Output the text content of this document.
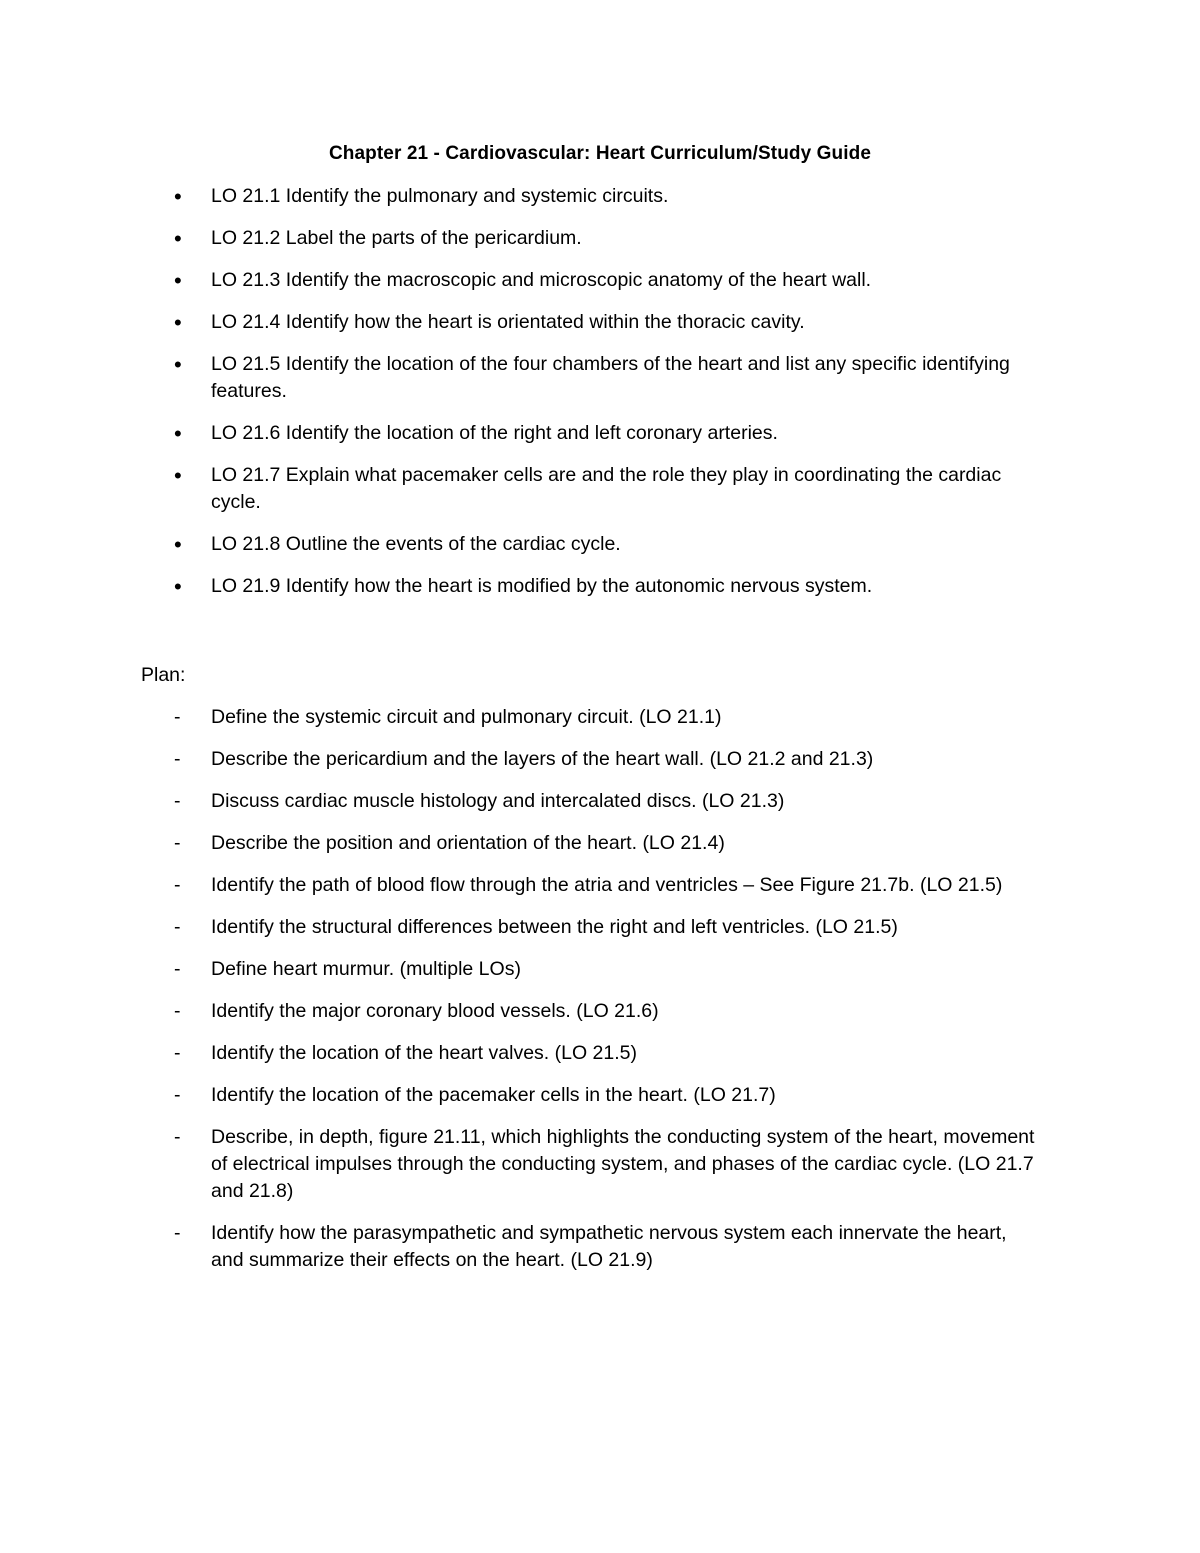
Chapter 21 - Cardiovascular: Heart Curriculum/Study Guide
•	LO 21.1 Identify the pulmonary and systemic circuits.
•	LO 21.2 Label the parts of the pericardium.
•	LO 21.3 Identify the macroscopic and microscopic anatomy of the heart wall.
•	LO 21.4 Identify how the heart is orientated within the thoracic cavity.
•	LO 21.5 Identify the location of the four chambers of the heart and list any specific identifying features.
•	LO 21.6 Identify the location of the right and left coronary arteries.
•	LO 21.7 Explain what pacemaker cells are and the role they play in coordinating the cardiac cycle.
•	LO 21.8 Outline the events of the cardiac cycle.
•	LO 21.9 Identify how the heart is modified by the autonomic nervous system.
Plan:
-	Define the systemic circuit and pulmonary circuit. (LO 21.1)
-	Describe the pericardium and the layers of the heart wall. (LO 21.2 and 21.3)
-	Discuss cardiac muscle histology and intercalated discs. (LO 21.3)
-	Describe the position and orientation of the heart. (LO 21.4)
-	Identify the path of blood flow through the atria and ventricles – See Figure 21.7b. (LO 21.5)
-	Identify the structural differences between the right and left ventricles. (LO 21.5)
-	Define heart murmur. (multiple LOs)
-	Identify the major coronary blood vessels. (LO 21.6)
-	Identify the location of the heart valves. (LO 21.5)
-	Identify the location of the pacemaker cells in the heart. (LO 21.7)
-	Describe, in depth, figure 21.11, which highlights the conducting system of the heart, movement of electrical impulses through the conducting system, and phases of the cardiac cycle. (LO 21.7 and 21.8)
-	Identify how the parasympathetic and sympathetic nervous system each innervate the heart, and summarize their effects on the heart. (LO 21.9)
